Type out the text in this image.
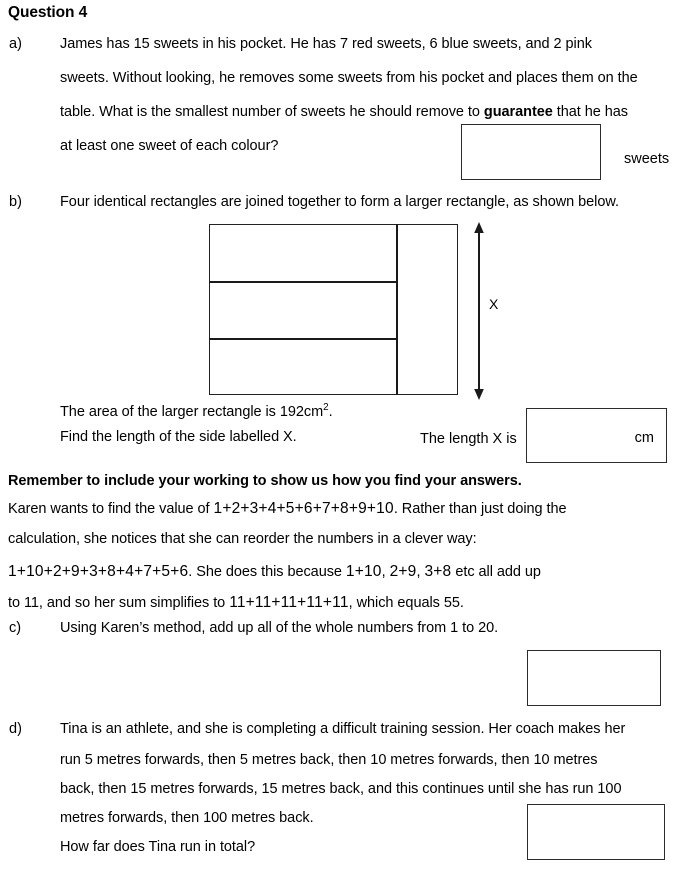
Question 4
a)	James has 15 sweets in his pocket. He has 7 red sweets, 6 blue sweets, and 2 pink
sweets. Without looking, he removes some sweets from his pocket and places them on the
table. What is the smallest number of sweets he should remove to guarantee that he has
at least one sweet of each colour?
sweets
b)	Four identical rectangles are joined together to form a larger rectangle, as shown below.
X
The area of the larger rectangle is $192cm^2$.
Find the length of the side labelled X.	The length X is	cm
Remember to include your working to show us how you find your answers.
Karen wants to find the value of 1+2+3+4+5+6+7+8+9+10. Rather than just doing the
calculation, she notices that she can reorder the numbers in a clever way:
1+10+2+9+3+8+4+7+5+6. She does this because 1+10, 2+9, 3+8 etc all add up
to 11, and so her sum simplifies to 11+11+11+11+11, which equals 55.
c)	Using Karen’s method, add up all of the whole numbers from 1 to 20.
d)	Tina is an athlete, and she is completing a difficult training session. Her coach makes her
run 5 metres forwards, then 5 metres back, then 10 metres forwards, then 10 metres
back, then 15 metres forwards, 15 metres back, and this continues until she has run 100
metres forwards, then 100 metres back.
How far does Tina run in total?
